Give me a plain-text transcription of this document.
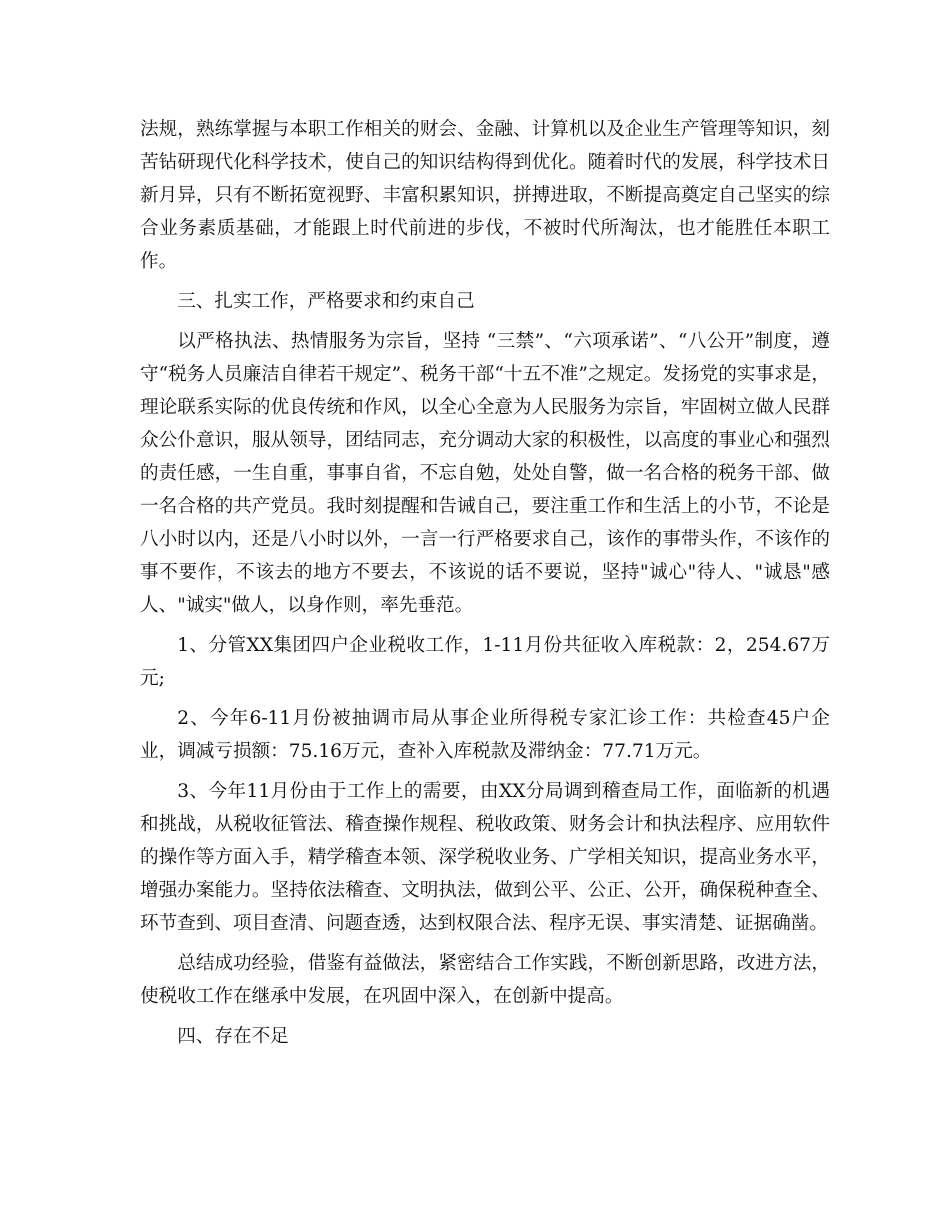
法规，熟练掌握与本职工作相关的财会、金融、计算机以及企业生产管理等知识，刻苦钻研现代化科学技术，使自己的知识结构得到优化。随着时代的发展，科学技术日新月异，只有不断拓宽视野、丰富积累知识，拼搏进取，不断提高奠定自己坚实的综合业务素质基础，才能跟上时代前进的步伐，不被时代所淘汰，也才能胜任本职工作。

三、扎实工作，严格要求和约束自己

以严格执法、热情服务为宗旨，坚持 “三禁”、“六项承诺”、“八公开”制度，遵守“税务人员廉洁自律若干规定”、税务干部“十五不准”之规定。发扬党的实事求是，理论联系实际的优良传统和作风，以全心全意为人民服务为宗旨，牢固树立做人民群众公仆意识，服从领导，团结同志，充分调动大家的积极性，以高度的事业心和强烈的责任感，一生自重，事事自省，不忘自勉，处处自警，做一名合格的税务干部、做一名合格的共产党员。我时刻提醒和告诫自己，要注重工作和生活上的小节，不论是八小时以内，还是八小时以外，一言一行严格要求自己，该作的事带头作，不该作的事不要作，不该去的地方不要去，不该说的话不要说，坚持"诚心"待人、"诚恳"感人、"诚实"做人，以身作则，率先垂范。

1、分管XX集团四户企业税收工作，1-11月份共征收入库税款：2，254.67万元;

2、今年6-11月份被抽调市局从事企业所得税专家汇诊工作：共检查45户企业，调减亏损额：75.16万元，查补入库税款及滞纳金：77.71万元。

3、今年11月份由于工作上的需要，由XX分局调到稽查局工作，面临新的机遇和挑战，从税收征管法、稽查操作规程、税收政策、财务会计和执法程序、应用软件的操作等方面入手，精学稽查本领、深学税收业务、广学相关知识，提高业务水平，增强办案能力。坚持依法稽查、文明执法，做到公平、公正、公开，确保税种查全、环节查到、项目查清、问题查透，达到权限合法、程序无误、事实清楚、证据确凿。

总结成功经验，借鉴有益做法，紧密结合工作实践，不断创新思路，改进方法，使税收工作在继承中发展，在巩固中深入，在创新中提高。

四、存在不足
